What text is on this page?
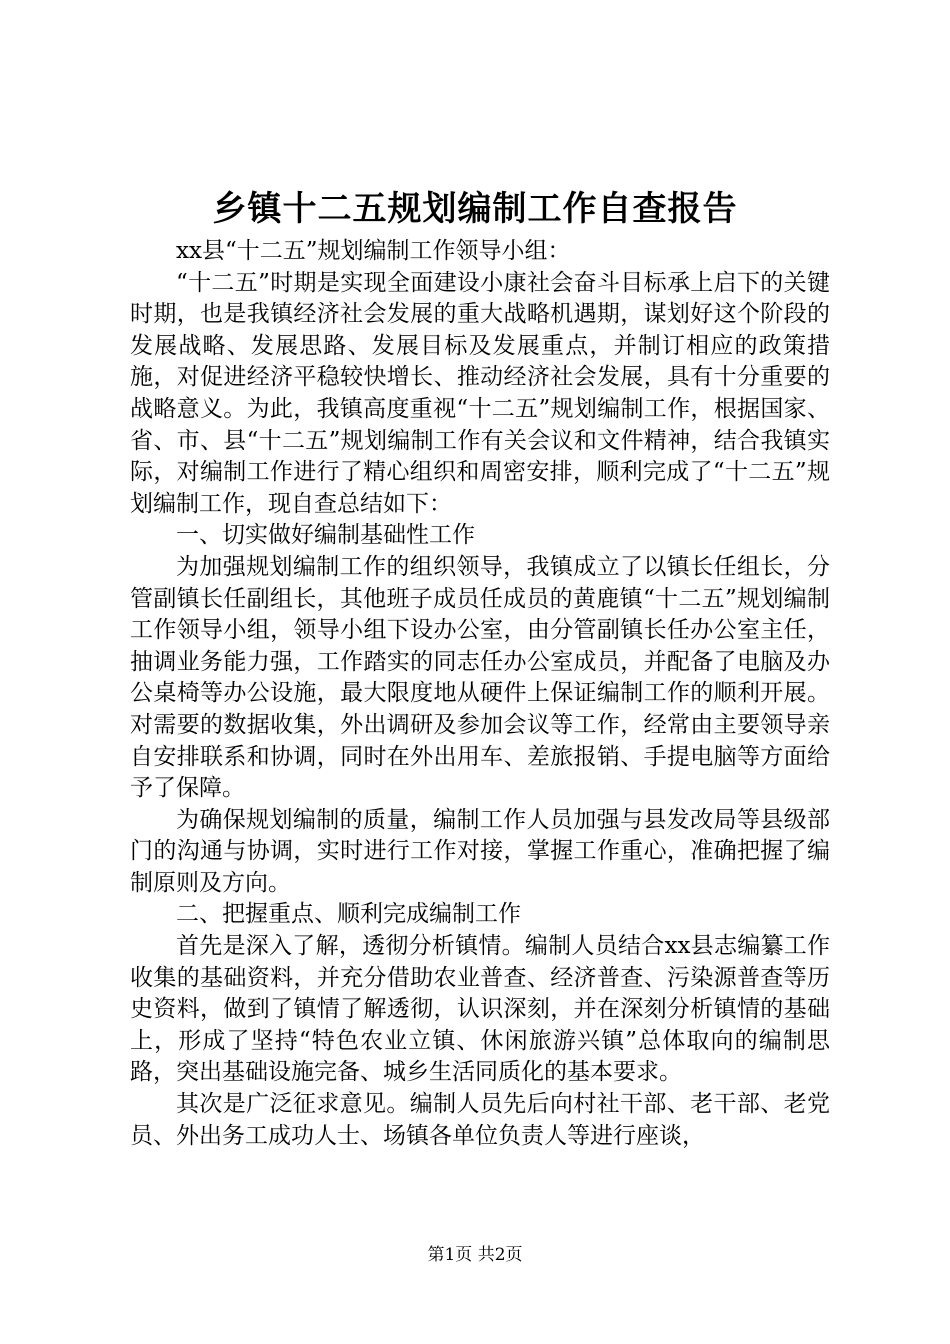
乡镇十二五规划编制工作自查报告

xx县“十二五”规划编制工作领导小组：

“十二五”时期是实现全面建设小康社会奋斗目标承上启下的关键时期，也是我镇经济社会发展的重大战略机遇期，谋划好这个阶段的发展战略、发展思路、发展目标及发展重点，并制订相应的政策措施，对促进经济平稳较快增长、推动经济社会发展，具有十分重要的战略意义。为此，我镇高度重视“十二五”规划编制工作，根据国家、省、市、县“十二五”规划编制工作有关会议和文件精神，结合我镇实际，对编制工作进行了精心组织和周密安排，顺利完成了“十二五”规划编制工作，现自查总结如下：

一、切实做好编制基础性工作

为加强规划编制工作的组织领导，我镇成立了以镇长任组长，分管副镇长任副组长，其他班子成员任成员的黄鹿镇“十二五”规划编制工作领导小组，领导小组下设办公室，由分管副镇长任办公室主任，抽调业务能力强，工作踏实的同志任办公室成员，并配备了电脑及办公桌椅等办公设施，最大限度地从硬件上保证编制工作的顺利开展。对需要的数据收集，外出调研及参加会议等工作，经常由主要领导亲自安排联系和协调，同时在外出用车、差旅报销、手提电脑等方面给予了保障。

为确保规划编制的质量，编制工作人员加强与县发改局等县级部门的沟通与协调，实时进行工作对接，掌握工作重心，准确把握了编制原则及方向。

二、把握重点、顺利完成编制工作

首先是深入了解，透彻分析镇情。编制人员结合xx县志编纂工作收集的基础资料，并充分借助农业普查、经济普查、污染源普查等历史资料，做到了镇情了解透彻，认识深刻，并在深刻分析镇情的基础上，形成了坚持“特色农业立镇、休闲旅游兴镇”总体取向的编制思路，突出基础设施完备、城乡生活同质化的基本要求。

其次是广泛征求意见。编制人员先后向村社干部、老干部、老党员、外出务工成功人士、场镇各单位负责人等进行座谈，

第1页 共2页
